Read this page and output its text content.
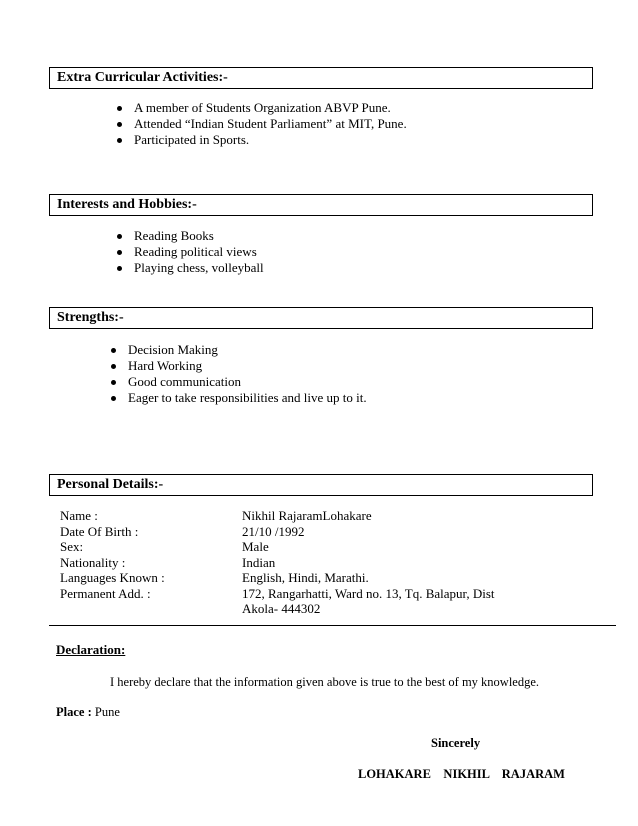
Extra Curricular Activities:-
A member of Students Organization ABVP Pune.
Attended “Indian Student Parliament” at MIT, Pune.
Participated in Sports.
Interests and Hobbies:-
Reading Books
Reading political views
Playing chess, volleyball
Strengths:-
Decision Making
Hard Working
Good communication
Eager to take responsibilities and live up to it.
Personal Details:-
Name :	Nikhil RajaramLohakare
Date Of Birth :	21/10 /1992
Sex:	Male
Nationality :	Indian
Languages Known :	English, Hindi, Marathi.
Permanent Add. :	172, Rangarhatti, Ward no. 13, Tq. Balapur, Dist
Akola- 444302
Declaration:
I hereby declare that the information given above is true to the best of my knowledge.
Place : Pune
Sincerely
LOHAKARE    NIKHIL    RAJARAM
